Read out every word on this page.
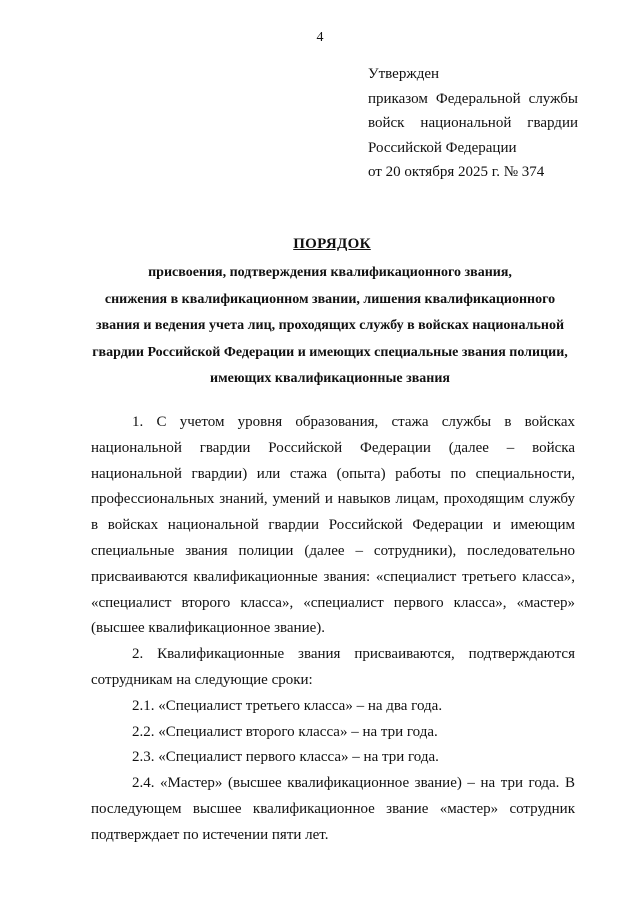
4
Утвержден
приказом Федеральной службы
войск национальной гвардии
Российской Федерации
от 20 октября 2025 г. № 374
ПОРЯДОК
присвоения, подтверждения квалификационного звания,
снижения в квалификационном звании, лишения квалификационного
звания и ведения учета лиц, проходящих службу в войсках национальной
гвардии Российской Федерации и имеющих специальные звания полиции,
имеющих квалификационные звания

1. С учетом уровня образования, стажа службы в войсках национальной гвардии Российской Федерации (далее – войска национальной гвардии) или стажа (опыта) работы по специальности, профессиональных знаний, умений и навыков лицам, проходящим службу в войсках национальной гвардии Российской Федерации и имеющим специальные звания полиции (далее – сотрудники), последовательно присваиваются квалификационные звания: «специалист третьего класса», «специалист второго класса», «специалист первого класса», «мастер» (высшее квалификационное звание).

2. Квалификационные звания присваиваются, подтверждаются сотрудникам на следующие сроки:

2.1. «Специалист третьего класса» – на два года.

2.2. «Специалист второго класса» – на три года.

2.3. «Специалист первого класса» – на три года.

2.4. «Мастер» (высшее квалификационное звание) – на три года. В последующем высшее квалификационное звание «мастер» сотрудник подтверждает по истечении пяти лет.
